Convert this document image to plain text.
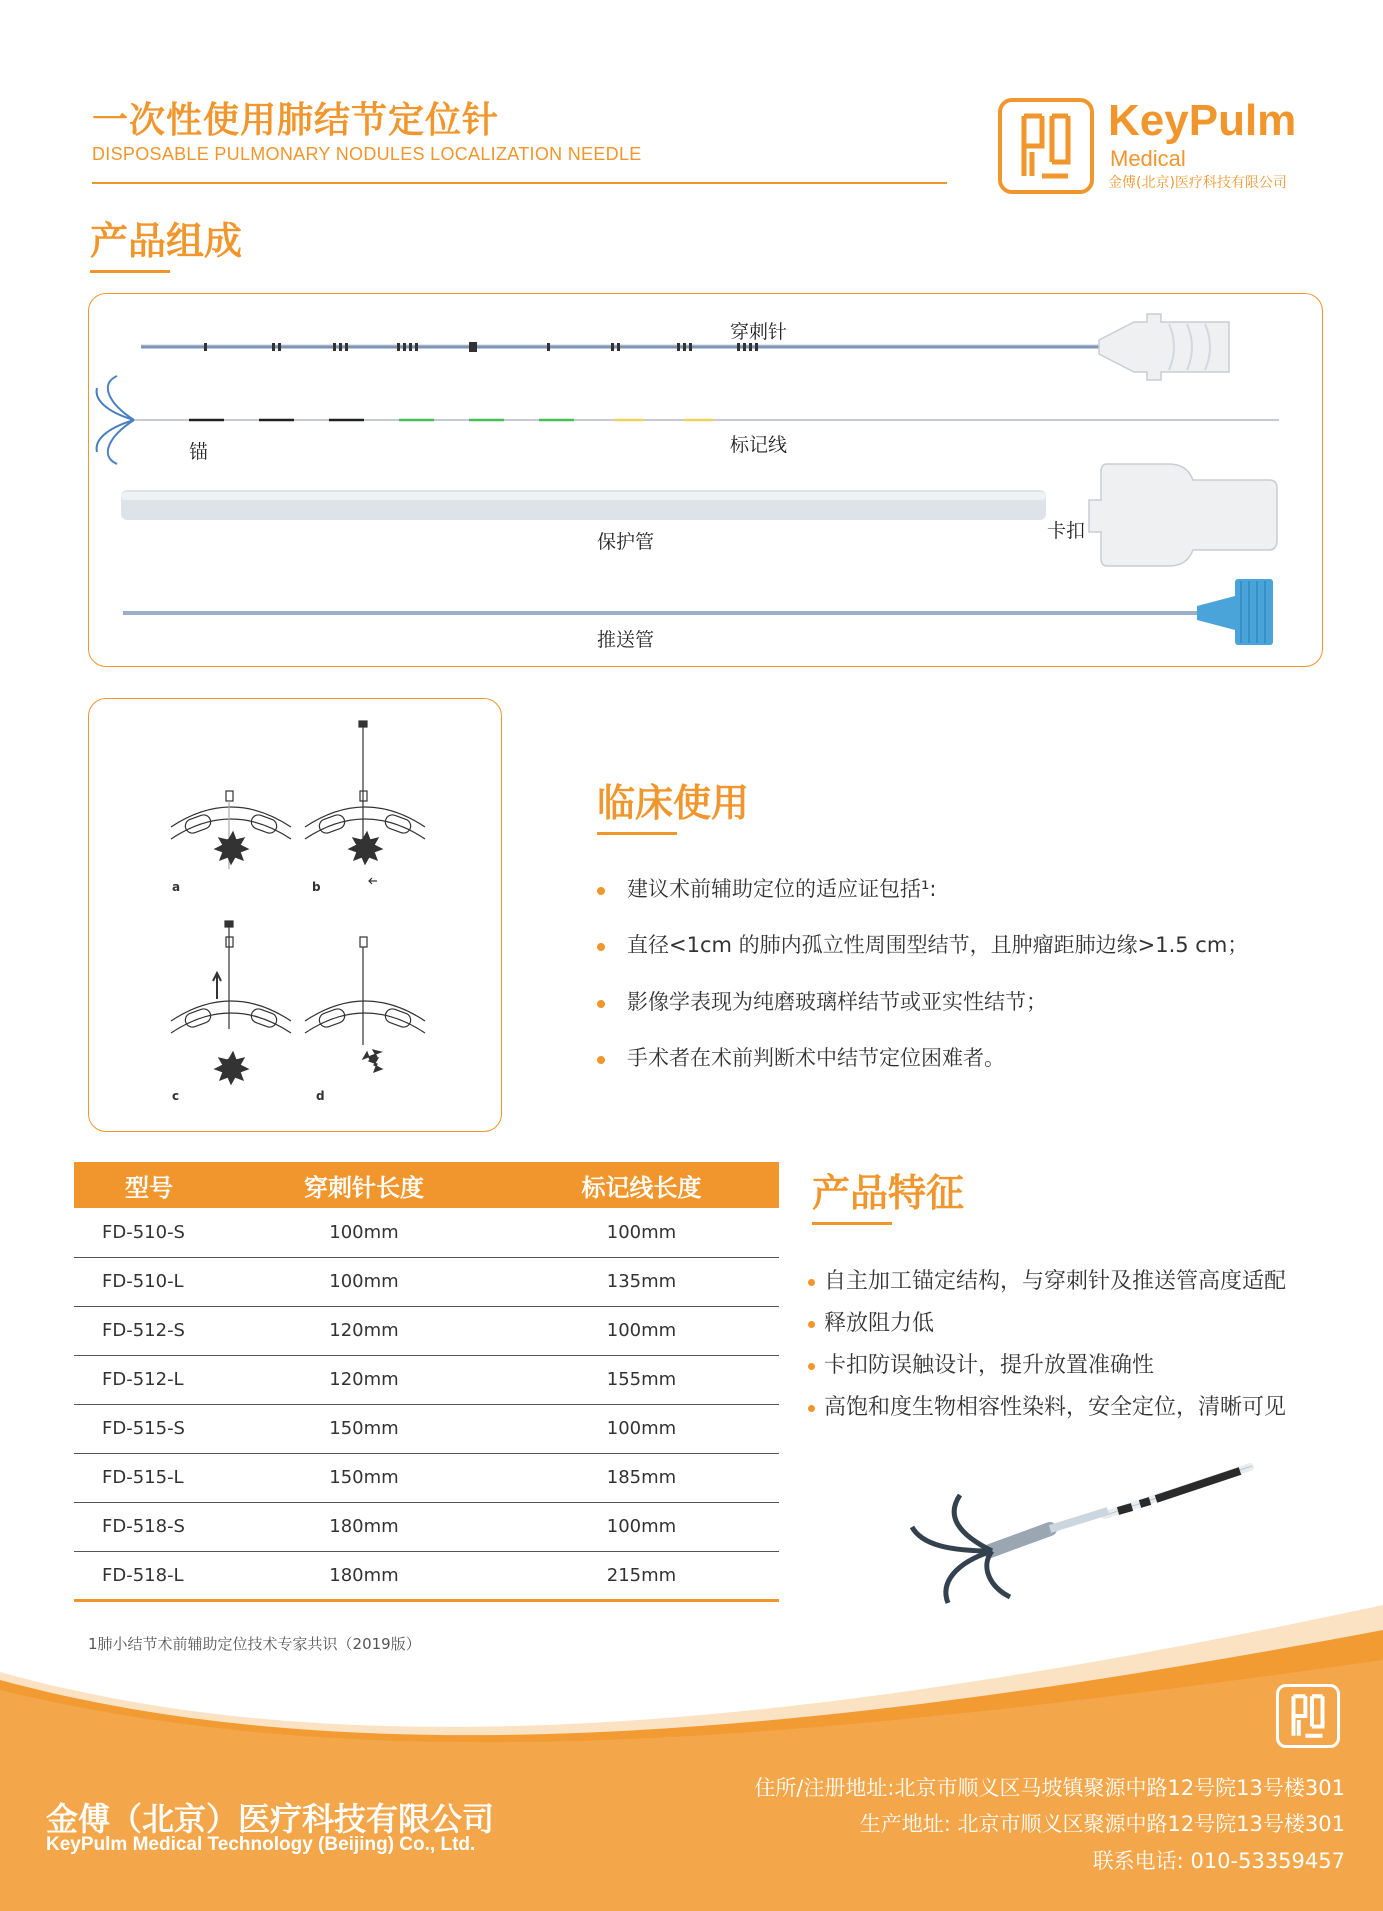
一次性使用肺结节定位针
DISPOSABLE PULMONARY NODULES LOCALIZATION NEEDLE
KeyPulm
Medical
金傅(北京)医疗科技有限公司
产品组成
穿刺针
锚	标记线
保护管	卡扣
推送管
a	b
c	d
临床使用
建议术前辅助定位的适应证包括¹:
直径<1cm 的肺内孤立性周围型结节，且肿瘤距肺边缘>1.5 cm；
影像学表现为纯磨玻璃样结节或亚实性结节；
手术者在术前判断术中结节定位困难者。
型号	穿刺针长度	标记线长度
FD-510-S	100mm	100mm
FD-510-L	100mm	135mm
FD-512-S	120mm	100mm
FD-512-L	120mm	155mm
FD-515-S	150mm	100mm
FD-515-L	150mm	185mm
FD-518-S	180mm	100mm
FD-518-L	180mm	215mm
1肺小结节术前辅助定位技术专家共识（2019版）
产品特征
自主加工锚定结构，与穿刺针及推送管高度适配
释放阻力低
卡扣防误触设计，提升放置准确性
高饱和度生物相容性染料，安全定位，清晰可见
金傅（北京）医疗科技有限公司
KeyPulm Medical Technology (Beijing) Co., Ltd.
住所/注册地址:北京市顺义区马坡镇聚源中路12号院13号楼301
生产地址: 北京市顺义区聚源中路12号院13号楼301
联系电话: 010-53359457
